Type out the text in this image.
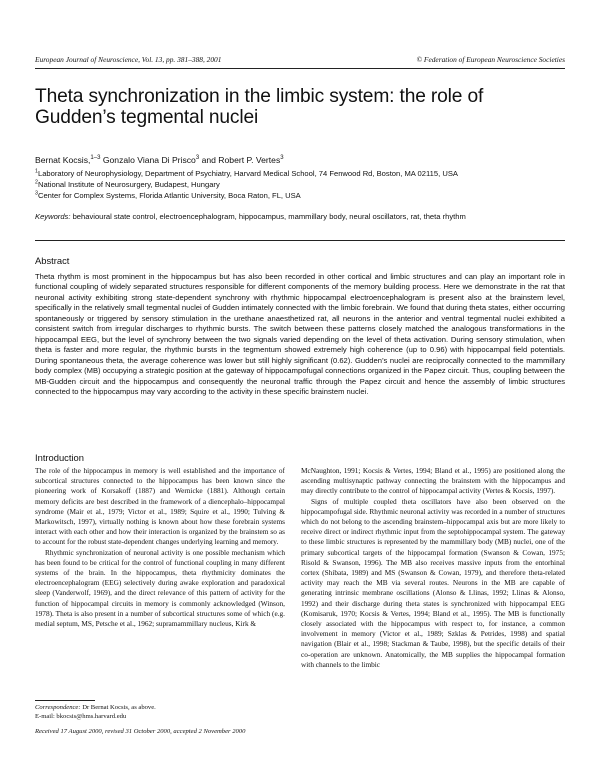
European Journal of Neuroscience, Vol. 13, pp. 381–388, 2001	© Federation of European Neuroscience Societies
Theta synchronization in the limbic system: the role of Gudden’s tegmental nuclei
Bernat Kocsis,$^{1-3}$ Gonzalo Viana Di Prisco$^3$ and Robert P. Vertes$^3$
$^1$Laboratory of Neurophysiology, Department of Psychiatry, Harvard Medical School, 74 Fenwood Rd, Boston, MA 02115, USA
$^2$National Institute of Neurosurgery, Budapest, Hungary
$^3$Center for Complex Systems, Florida Atlantic University, Boca Raton, FL, USA
Keywords: behavioural state control, electroencephalogram, hippocampus, mammillary body, neural oscillators, rat, theta rhythm
Abstract
Theta rhythm is most prominent in the hippocampus but has also been recorded in other cortical and limbic structures and can play an important role in functional coupling of widely separated structures responsible for different components of the memory building process. Here we demonstrate in the rat that neuronal activity exhibiting strong state-dependent synchrony with rhythmic hippocampal electroencephalogram is present also at the brainstem level, specifically in the relatively small tegmental nuclei of Gudden intimately connected with the limbic forebrain. We found that during theta states, either occurring spontaneously or triggered by sensory stimulation in the urethane anaesthetized rat, all neurons in the anterior and ventral tegmental nuclei exhibited a consistent switch from irregular discharges to rhythmic bursts. The switch between these patterns closely matched the analogous transformations in the hippocampal EEG, but the level of synchrony between the two signals varied depending on the level of theta activation. During sensory stimulation, when theta is faster and more regular, the rhythmic bursts in the tegmentum showed extremely high coherence (up to 0.96) with hippocampal field potentials. During spontaneous theta, the average coherence was lower but still highly significant (0.62). Gudden’s nuclei are reciprocally connected to the mammillary body complex (MB) occupying a strategic position at the gateway of hippocampofugal connections organized in the Papez circuit. Thus, coupling between the MB-Gudden circuit and the hippocampus and consequently the neuronal traffic through the Papez circuit and hence the assembly of limbic structures connected to the hippocampus may vary according to the activity in these specific brainstem nuclei.
Introduction

The role of the hippocampus in memory is well established and the importance of subcortical structures connected to the hippocampus has been known since the pioneering work of Korsakoff (1887) and Wernicke (1881). Although certain memory deficits are best described in the framework of a diencephalo–hippocampal syndrome (Mair et al., 1979; Victor et al., 1989; Squire et al., 1990; Tulving & Markowitsch, 1997), virtually nothing is known about how these forebrain systems interact with each other and how their interaction is organized by the brainstem so as to account for the robust state-dependent changes underlying learning and memory.

Rhythmic synchronization of neuronal activity is one possible mechanism which has been found to be critical for the control of functional coupling in many different systems of the brain. In the hippocampus, theta rhythmicity dominates the electroencephalogram (EEG) selectively during awake exploration and paradoxical sleep (Vanderwolf, 1969), and the direct relevance of this pattern of activity for the function of hippocampal circuits in memory is commonly acknowledged (Winson, 1978). Theta is also present in a number of subcortical structures some of which (e.g. medial septum, MS, Petsche et al., 1962; supramammillary nucleus, Kirk &

McNaughton, 1991; Kocsis & Vertes, 1994; Bland et al., 1995) are positioned along the ascending multisynaptic pathway connecting the brainstem with the hippocampus and may directly contribute to the control of hippocampal activity (Vertes & Kocsis, 1997).

Signs of multiple coupled theta oscillators have also been observed on the hippocampofugal side. Rhythmic neuronal activity was recorded in a number of structures which do not belong to the ascending brainstem–hippocampal axis but are more likely to receive direct or indirect rhythmic input from the septohippocampal system. The gateway to these limbic structures is represented by the mammillary body (MB) nuclei, one of the primary subcortical targets of the hippocampal formation (Swanson & Cowan, 1975; Risold & Swanson, 1996). The MB also receives massive inputs from the entorhinal cortex (Shibata, 1989) and MS (Swanson & Cowan, 1979), and therefore theta-related activity may reach the MB via several routes. Neurons in the MB are capable of generating intrinsic membrane oscillations (Alonso & Llinas, 1992; Llinas & Alonso, 1992) and their discharge during theta states is synchronized with hippocampal EEG (Komisaruk, 1970; Kocsis & Vertes, 1994; Bland et al., 1995). The MB is functionally closely associated with the hippocampus with respect to, for instance, a common involvement in memory (Victor et al., 1989; Szklas & Petrides, 1998) and spatial navigation (Blair et al., 1998; Stackman & Taube, 1998), but the specific details of their co-operation are unknown. Anatomically, the MB supplies the hippocampal formation with channels to the limbic

Correspondence: Dr Bernat Kocsis, as above.
E-mail: bkocsis@hms.harvard.edu
Received 17 August 2000, revised 31 October 2000, accepted 2 November 2000
